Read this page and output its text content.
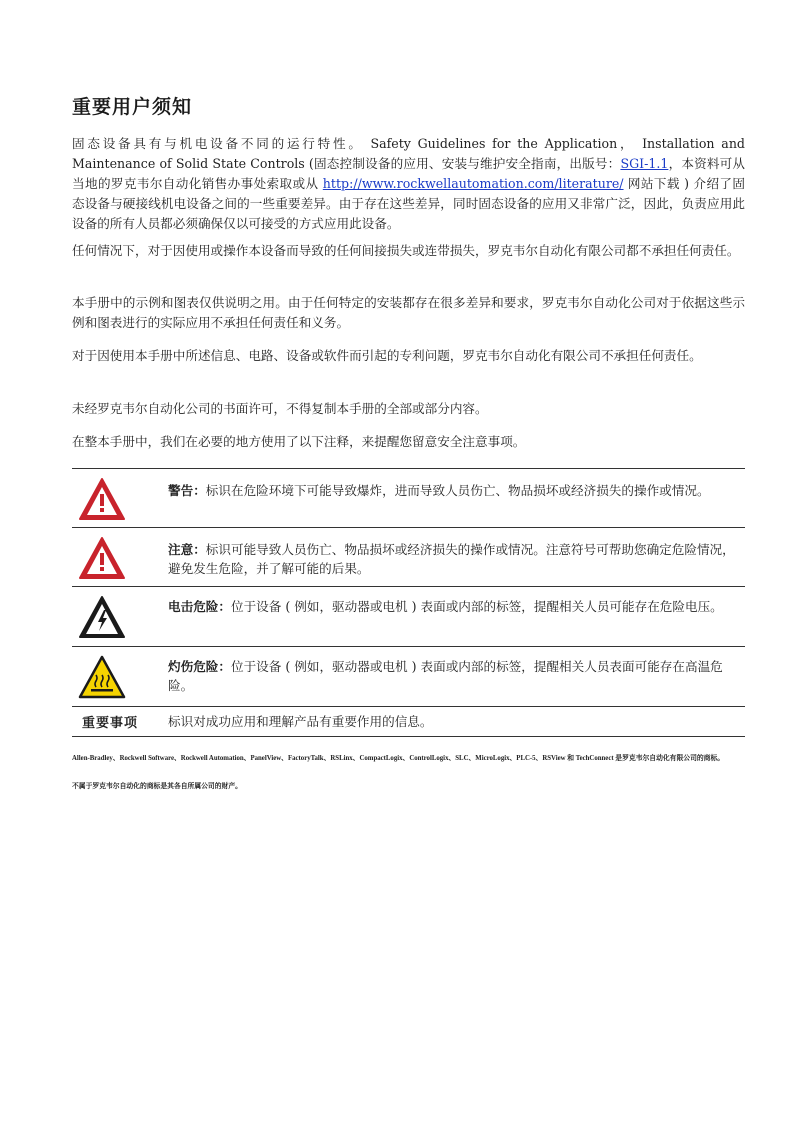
重要用户须知

固态设备具有与机电设备不同的运行特性。 Safety Guidelines for the Application， Installation and Maintenance of Solid State Controls (固态控制设备的应用、安装与维护安全指南，出版号：SGI-1.1，本资料可从当地的罗克韦尔自动化销售办事处索取或从 http://www.rockwellautomation.com/literature/ 网站下载 ) 介绍了固态设备与硬接线机电设备之间的一些重要差异。由于存在这些差异，同时固态设备的应用又非常广泛，因此，负责应用此设备的所有人员都必须确保仅以可接受的方式应用此设备。

任何情况下，对于因使用或操作本设备而导致的任何间接损失或连带损失，罗克韦尔自动化有限公司都不承担任何责任。

本手册中的示例和图表仅供说明之用。由于任何特定的安装都存在很多差异和要求，罗克韦尔自动化公司对于依据这些示例和图表进行的实际应用不承担任何责任和义务。

对于因使用本手册中所述信息、电路、设备或软件而引起的专利问题，罗克韦尔自动化有限公司不承担任何责任。

未经罗克韦尔自动化公司的书面许可，不得复制本手册的全部或部分内容。

在整本手册中，我们在必要的地方使用了以下注释，来提醒您留意安全注意事项。

警告：标识在危险环境下可能导致爆炸，进而导致人员伤亡、物品损坏或经济损失的操作或情况。
注意：标识可能导致人员伤亡、物品损坏或经济损失的操作或情况。注意符号可帮助您确定危险情况，避免发生危险，并了解可能的后果。
电击危险：位于设备 ( 例如，驱动器或电机 ) 表面或内部的标签，提醒相关人员可能存在危险电压。
灼伤危险：位于设备 ( 例如，驱动器或电机 ) 表面或内部的标签，提醒相关人员表面可能存在高温危险。
重要事项 标识对成功应用和理解产品有重要作用的信息。

Allen-Bradley、Rockwell Software、Rockwell Automation、PanelView、FactoryTalk、RSLinx、CompactLogix、ControlLogix、SLC、MicroLogix、PLC-5、RSView 和 TechConnect 是罗克韦尔自动化有限公司的商标。

不属于罗克韦尔自动化的商标是其各自所属公司的财产。
